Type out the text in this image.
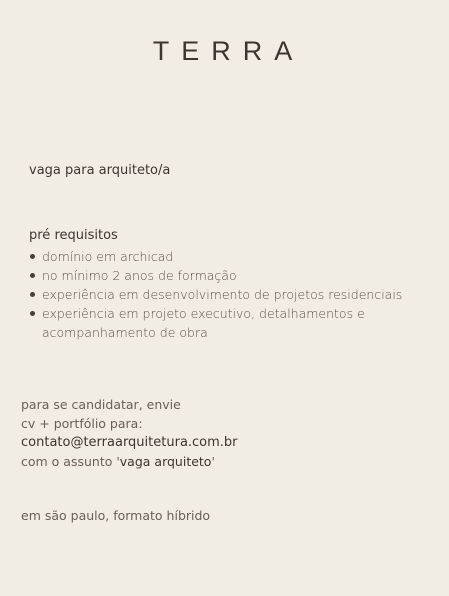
TERRA
vaga para arquiteto/a
pré requisitos
domínio em archicad
no mínimo 2 anos de formação
experiência em desenvolvimento de projetos residenciais
experiência em projeto executivo, detalhamentos e acompanhamento de obra
para se candidatar, envie
cv + portfólio para:
contato@terraarquitetura.com.br
com o assunto 'vaga arquiteto'
em são paulo, formato híbrido
